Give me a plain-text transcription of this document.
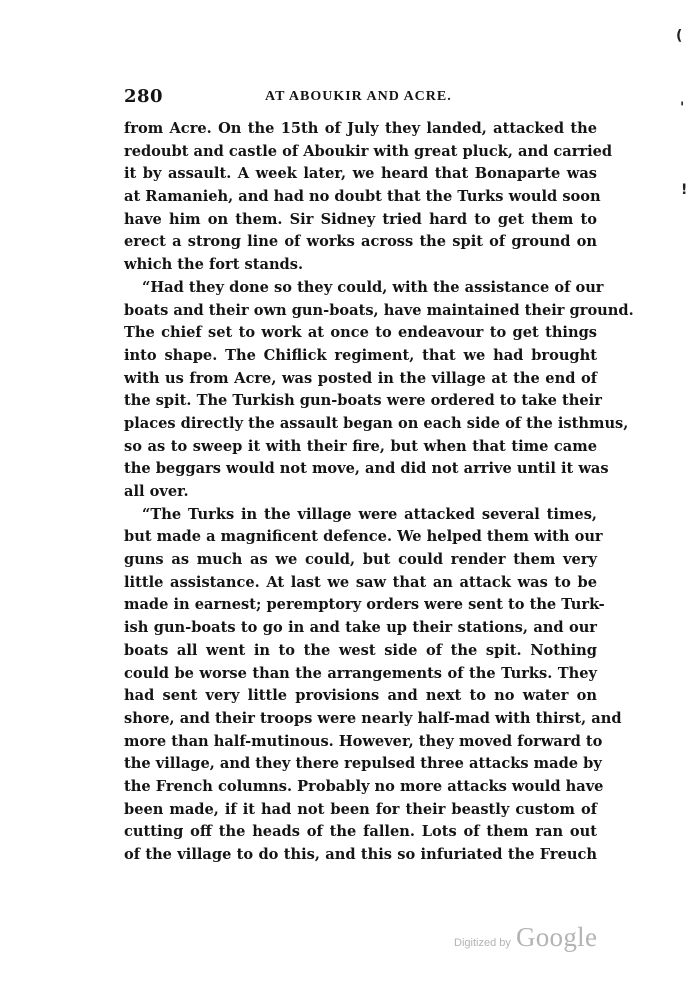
280	AT ABOUKIR AND ACRE.
(
'
!
from Acre. On the 15th of July they landed, attacked the
redoubt and castle of Aboukir with great pluck, and carried
it by assault. A week later, we heard that Bonaparte was
at Ramanieh, and had no doubt that the Turks would soon
have him on them. Sir Sidney tried hard to get them to
erect a strong line of works across the spit of ground on
which the fort stands.
“Had they done so they could, with the assistance of our
boats and their own gun-boats, have maintained their ground.
The chief set to work at once to endeavour to get things
into shape. The Chiflick regiment, that we had brought
with us from Acre, was posted in the village at the end of
the spit. The Turkish gun-boats were ordered to take their
places directly the assault began on each side of the isthmus,
so as to sweep it with their fire, but when that time came
the beggars would not move, and did not arrive until it was
all over.
“The Turks in the village were attacked several times,
but made a magnificent defence. We helped them with our
guns as much as we could, but could render them very
little assistance. At last we saw that an attack was to be
made in earnest; peremptory orders were sent to the Turk-
ish gun-boats to go in and take up their stations, and our
boats all went in to the west side of the spit. Nothing
could be worse than the arrangements of the Turks. They
had sent very little provisions and next to no water on
shore, and their troops were nearly half-mad with thirst, and
more than half-mutinous. However, they moved forward to
the village, and they there repulsed three attacks made by
the French columns. Probably no more attacks would have
been made, if it had not been for their beastly custom of
cutting off the heads of the fallen. Lots of them ran out
of the village to do this, and this so infuriated the Freuch
Digitized by Google
